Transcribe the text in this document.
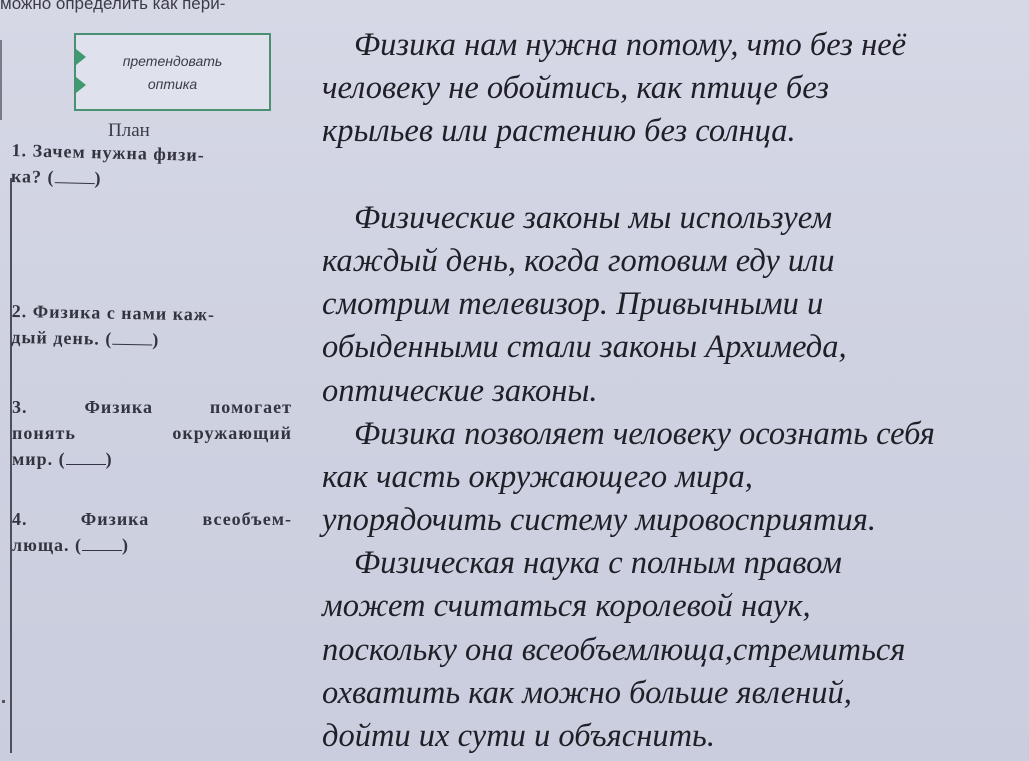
можно определить как пери-
претендовать
оптика
План
1. Зачем нужна физи-
ка? ( )
2. Физика с нами каж-
дый день. ( )
3.	Физика	помогает
понять	окружающий
мир. ( )
4.	Физика	всеобъем-
люща. ( )
Физика нам нужна потому, что без неё
человеку не обойтись, как птице без
крыльев или растению без солнца.
Физические законы мы используем
каждый день, когда готовим еду или
смотрим телевизор. Привычными и
обыденными стали законы Архимеда,
оптические законы.
Физика позволяет человеку осознать себя
как часть окружающего мира,
упорядочить систему мировосприятия.
Физическая наука с полным правом
может считаться королевой наук,
поскольку она всеобъемлюща,стремиться
охватить как можно больше явлений,
дойти их сути и объяснить.
